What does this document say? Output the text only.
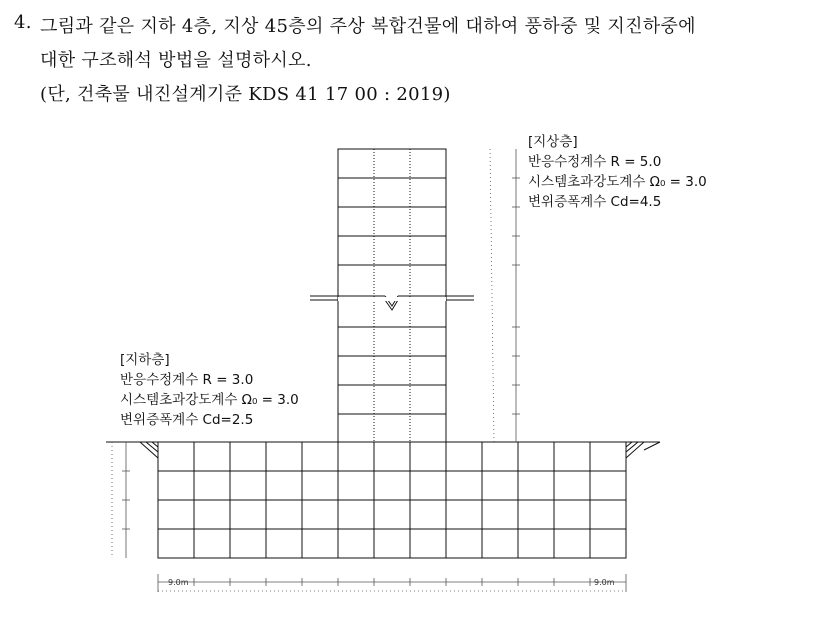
4. 그림과 같은 지하 4층, 지상 45층의 주상 복합건물에 대하여 풍하중 및 지진하중에
대한 구조해석 방법을 설명하시오.
(단, 건축물 내진설계기준 KDS 41 17 00 : 2019)
9.0m	9.0m
[지상층]
반응수정계수 R = 5.0
시스템초과강도계수 Ω₀ = 3.0
변위증폭계수 Cd=4.5
[지하층]
반응수정계수 R = 3.0
시스템초과강도계수 Ω₀ = 3.0
변위증폭계수 Cd=2.5
